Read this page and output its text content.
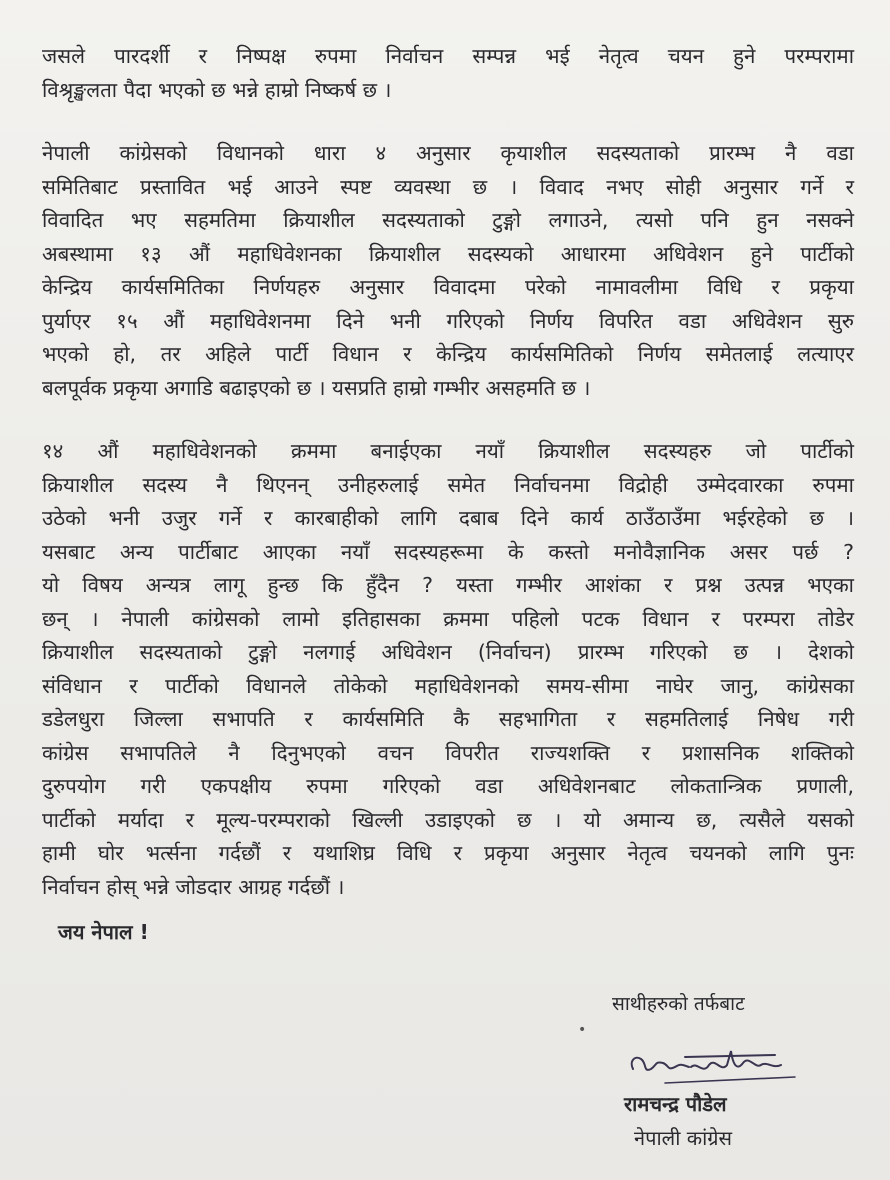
जसले पारदर्शी र निष्पक्ष रुपमा निर्वाचन सम्पन्न भई नेतृत्व चयन हुने परम्परामा
विश्रृङ्खलता पैदा भएको छ भन्ने हाम्रो निष्कर्ष छ ।

नेपाली कांग्रेसको विधानको धारा ४ अनुसार कृयाशील सदस्यताको प्रारम्भ नै वडा
समितिबाट प्रस्तावित भई आउने स्पष्ट व्यवस्था छ । विवाद नभए सोही अनुसार गर्ने र
विवादित भए सहमतिमा क्रियाशील सदस्यताको टुङ्गो लगाउने, त्यसो पनि हुन नसक्ने
अबस्थामा १३ औं महाधिवेशनका क्रियाशील सदस्यको आधारमा अधिवेशन हुने पार्टीको
केन्द्रिय कार्यसमितिका निर्णयहरु अनुसार विवादमा परेको नामावलीमा विधि र प्रकृया
पुर्याएर १५ औं महाधिवेशनमा दिने भनी गरिएको निर्णय विपरित वडा अधिवेशन सुरु
भएको हो, तर अहिले पार्टी विधान र केन्द्रिय कार्यसमितिको निर्णय समेतलाई लत्याएर
बलपूर्वक प्रकृया अगाडि बढाइएको छ । यसप्रति हाम्रो गम्भीर असहमति छ ।

१४ औं महाधिवेशनको क्रममा बनाईएका नयाँ क्रियाशील सदस्यहरु जो पार्टीको
क्रियाशील सदस्य नै थिएनन् उनीहरुलाई समेत निर्वाचनमा विद्रोही उम्मेदवारका रुपमा
उठेको भनी उजुर गर्ने र कारबाहीको लागि दबाब दिने कार्य ठाउँठाउँमा भईरहेको छ ।
यसबाट अन्य पार्टीबाट आएका नयाँ सदस्यहरूमा के कस्तो मनोवैज्ञानिक असर पर्छ ?
यो विषय अन्यत्र लागू हुन्छ कि हुँदैन ? यस्ता गम्भीर आशंका र प्रश्न उत्पन्न भएका
छन् । नेपाली कांग्रेसको लामो इतिहासका क्रममा पहिलो पटक विधान र परम्परा तोडेर
क्रियाशील सदस्यताको टुङ्गो नलगाई अधिवेशन (निर्वाचन) प्रारम्भ गरिएको छ । देशको
संविधान र पार्टीको विधानले तोकेको महाधिवेशनको समय-सीमा नाघेर जानु, कांग्रेसका
डडेलधुरा जिल्ला सभापति र कार्यसमिति कै सहभागिता र सहमतिलाई निषेध गरी
कांग्रेस सभापतिले नै दिनुभएको वचन विपरीत राज्यशक्ति र प्रशासनिक शक्तिको
दुरुपयोग गरी एकपक्षीय रुपमा गरिएको वडा अधिवेशनबाट लोकतान्त्रिक प्रणाली,
पार्टीको मर्यादा र मूल्य-परम्पराको खिल्ली उडाइएको छ । यो अमान्य छ, त्यसैले यसको
हामी घोर भर्त्सना गर्दछौं र यथाशिघ्र विधि र प्रकृया अनुसार नेतृत्व चयनको लागि पुनः
निर्वाचन होस् भन्ने जोडदार आग्रह गर्दछौं ।

जय नेपाल !

साथीहरुको तर्फबाट

•

रामचन्द्र पौडेल

नेपाली कांग्रेस
